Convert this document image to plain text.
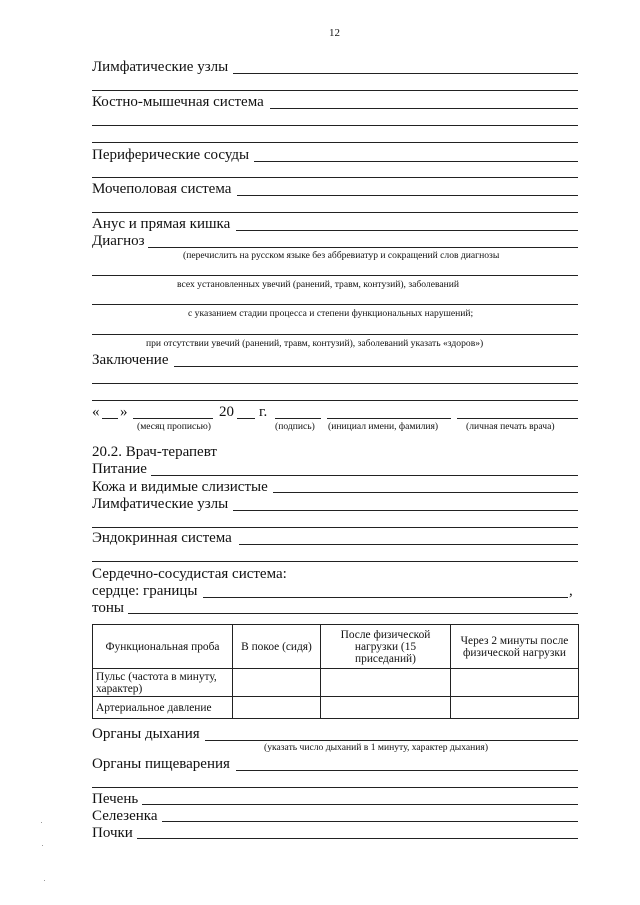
12
Лимфатические узлы
Костно-мышечная система
Периферические сосуды
Мочеполовая система
Анус и прямая кишка
Диагноз
(перечислить на русском языке без аббревиатур и сокращений слов диагнозы
всех установленных увечий (ранений, травм, контузий), заболеваний
с указанием стадии процесса и степени функциональных нарушений;
при отсутствии увечий (ранений, травм, контузий), заболеваний указать «здоров»)
Заключение
« »	20 г.
(месяц прописью)	(подпись) (инициал имени, фамилия)	(личная печать врача)
20.2. Врач-терапевт
Питание
Кожа и видимые слизистые
Лимфатические узлы
Эндокринная система
Сердечно-сосудистая система:
сердце: границы	,
тоны
Функциональная проба	В покое (сидя)	После физической нагрузки (15 приседаний)	Через 2 минуты после физической нагрузки
Пульс (частота в минуту, характер)			
Артериальное давление			
Органы дыхания
(указать число дыханий в 1 минуту, характер дыхания)
Органы пищеварения
Печень
Селезенка
Почки
